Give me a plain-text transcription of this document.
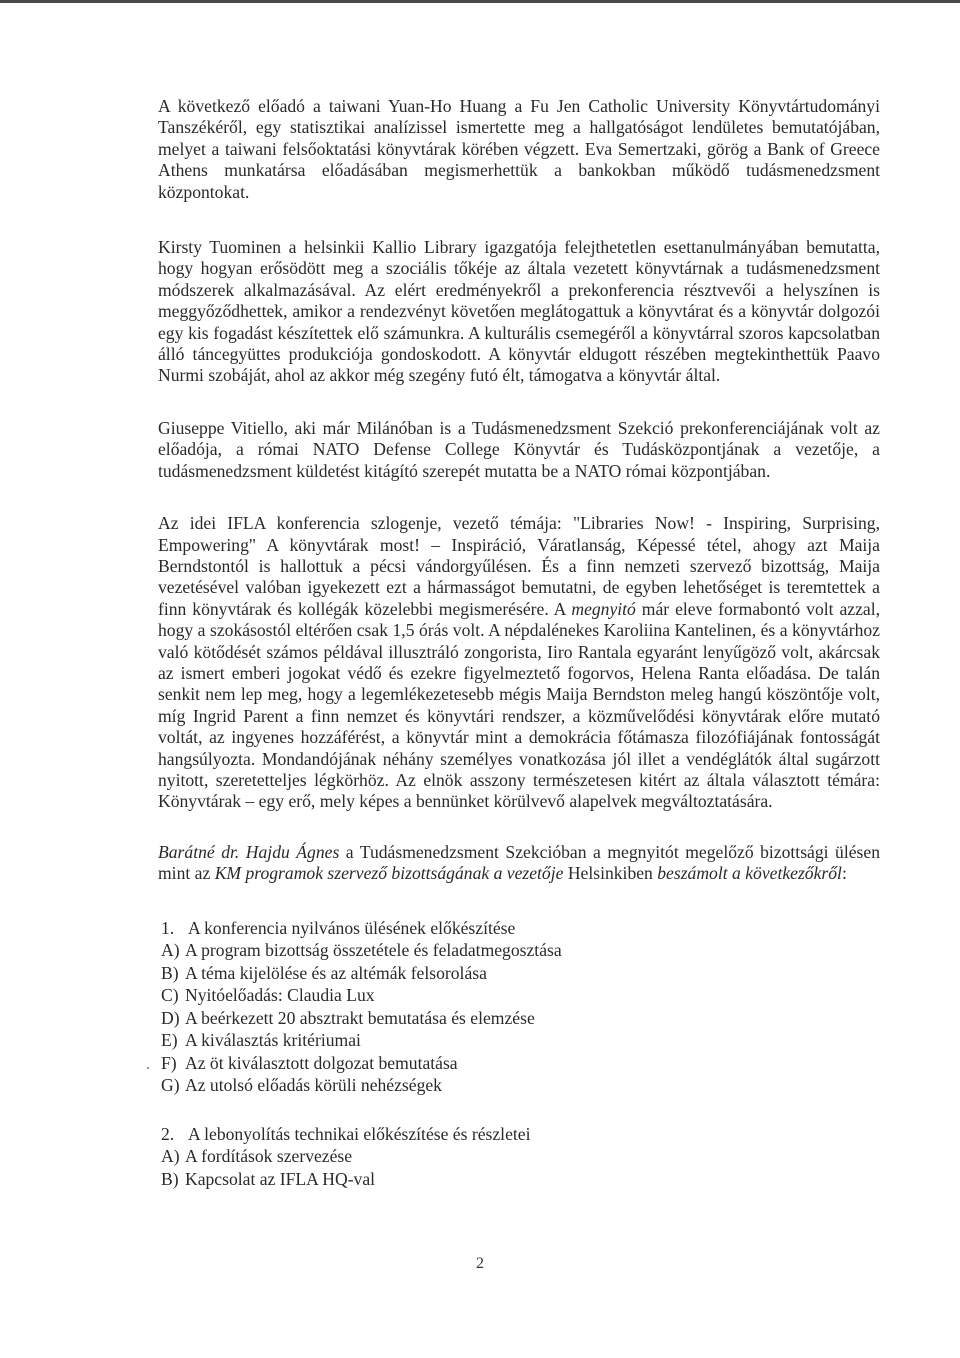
A következő előadó a taiwani Yuan-Ho Huang a Fu Jen Catholic University Könyvtártudományi Tanszékéről, egy statisztikai analízissel ismertette meg a hallgatóságot lendületes bemutatójában, melyet a taiwani felsőoktatási könyvtárak körében végzett. Eva Semertzaki, görög a Bank of Greece Athens munkatársa előadásában megismerhettük a bankokban működő tudásmenedzsment központokat.

Kirsty Tuominen a helsinkii Kallio Library igazgatója felejthetetlen esettanulmányában bemutatta, hogy hogyan erősödött meg a szociális tőkéje az általa vezetett könyvtárnak a tudásmenedzsment módszerek alkalmazásával. Az elért eredményekről a prekonferencia résztvevői a helyszínen is meggyőződhettek, amikor a rendezvényt követően meglátogattuk a könyvtárat és a könyvtár dolgozói egy kis fogadást készítettek elő számunkra. A kulturális csemegéről a könyvtárral szoros kapcsolatban álló táncegyüttes produkciója gondoskodott. A könyvtár eldugott részében megtekinthettük Paavo Nurmi szobáját, ahol az akkor még szegény futó élt, támogatva a könyvtár által.

Giuseppe Vitiello, aki már Milánóban is a Tudásmenedzsment Szekció prekonferenciájának volt az előadója, a római NATO Defense College Könyvtár és Tudásközpontjának a vezetője, a tudásmenedzsment küldetést kitágító szerepét mutatta be a NATO római központjában.

Az idei IFLA konferencia szlogenje, vezető témája: "Libraries Now! - Inspiring, Surprising, Empowering" A könyvtárak most! – Inspiráció, Váratlanság, Képessé tétel, ahogy azt Maija Berndstontól is hallottuk a pécsi vándorgyűlésen. És a finn nemzeti szervező bizottság, Maija vezetésével valóban igyekezett ezt a hármasságot bemutatni, de egyben lehetőséget is teremtettek a finn könyvtárak és kollégák közelebbi megismerésére. A megnyitó már eleve formabontó volt azzal, hogy a szokásostól eltérően csak 1,5 órás volt. A népdalénekes Karoliina Kantelinen, és a könyvtárhoz való kötődését számos példával illusztráló zongorista, Iiro Rantala egyaránt lenyűgöző volt, akárcsak az ismert emberi jogokat védő és ezekre figyelmeztető fogorvos, Helena Ranta előadása. De talán senkit nem lep meg, hogy a legemlékezetesebb mégis Maija Berndston meleg hangú köszöntője volt, míg Ingrid Parent a finn nemzet és könyvtári rendszer, a közművelődési könyvtárak előre mutató voltát, az ingyenes hozzáférést, a könyvtár mint a demokrácia főtámasza filozófiájának fontosságát hangsúlyozta. Mondandójának néhány személyes vonatkozása jól illet a vendéglátók által sugárzott nyitott, szeretetteljes légkörhöz. Az elnök asszony természetesen kitért az általa választott témára: Könyvtárak – egy erő, mely képes a bennünket körülvevő alapelvek megváltoztatására.

Barátné dr. Hajdu Ágnes a Tudásmenedzsment Szekcióban a megnyitót megelőző bizottsági ülésen mint az KM programok szervező bizottságának a vezetője Helsinkiben beszámolt a következőkről:

1. A konferencia nyilvános ülésének előkészítése
A) A program bizottság összetétele és feladatmegosztása
B) A téma kijelölése és az altémák felsorolása
C) Nyitóelőadás: Claudia Lux
D) A beérkezett 20 absztrakt bemutatása és elemzése
E) A kiválasztás kritériumai
F) Az öt kiválasztott dolgozat bemutatása
G) Az utolsó előadás körüli nehézségek
2. A lebonyolítás technikai előkészítése és részletei
A) A fordítások szervezése
B) Kapcsolat az IFLA HQ-val
2
